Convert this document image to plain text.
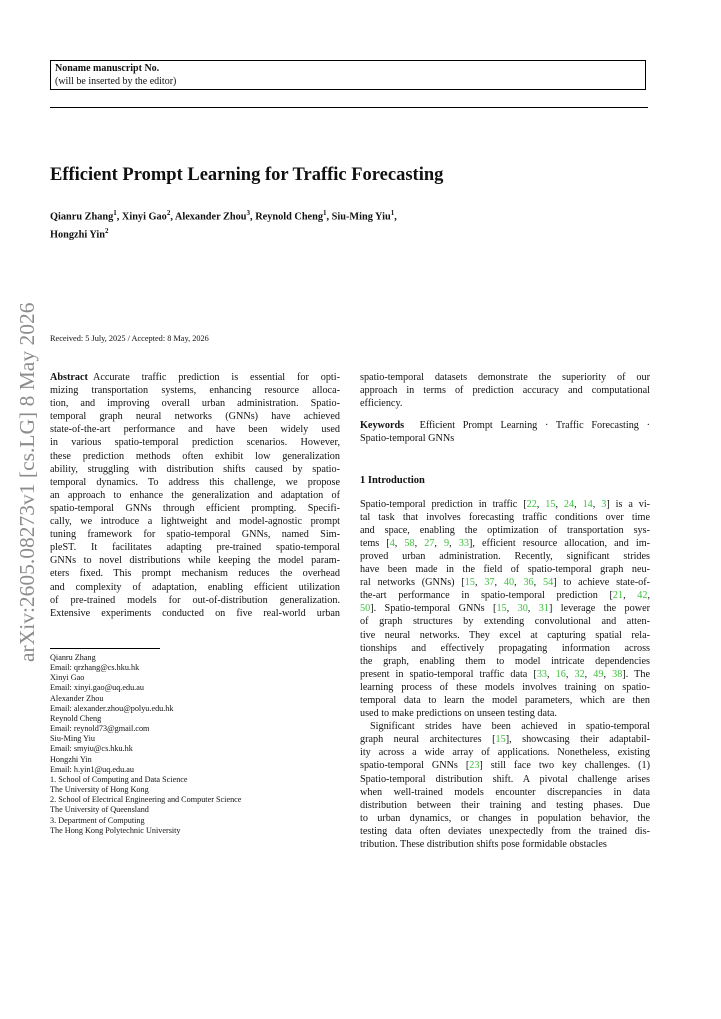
Noname manuscript No.
(will be inserted by the editor)
arXiv:2605.08273v1 [cs.LG] 8 May 2026
Efficient Prompt Learning for Traffic Forecasting
Qianru Zhang$^1$, Xinyi Gao$^2$, Alexander Zhou$^3$, Reynold Cheng$^1$, Siu-Ming Yiu$^1$,
Hongzhi Yin$^2$
Received: 5 July, 2025 / Accepted: 8 May, 2026
Abstract  Accurate traffic prediction is essential for opti-
mizing transportation systems, enhancing resource alloca-
tion, and improving overall urban administration. Spatio-
temporal graph neural networks (GNNs) have achieved
state-of-the-art performance and have been widely used
in various spatio-temporal prediction scenarios. However,
these prediction methods often exhibit low generalization
ability, struggling with distribution shifts caused by spatio-
temporal dynamics. To address this challenge, we propose
an approach to enhance the generalization and adaptation of
spatio-temporal GNNs through efficient prompting. Specifi-
cally, we introduce a lightweight and model-agnostic prompt
tuning framework for spatio-temporal GNNs, named Sim-
pleST. It facilitates adapting pre-trained spatio-temporal
GNNs to novel distributions while keeping the model param-
eters fixed. This prompt mechanism reduces the overhead
and complexity of adaptation, enabling efficient utilization
of pre-trained models for out-of-distribution generalization.
Extensive experiments conducted on five real-world urban
spatio-temporal datasets demonstrate the superiority of our
approach in terms of prediction accuracy and computational
efficiency.
Keywords Efficient Prompt Learning · Traffic Forecasting ·
Spatio-temporal GNNs
1 Introduction
Spatio-temporal prediction in traffic [22, 15, 24, 14, 3] is a vi-
tal task that involves forecasting traffic conditions over time
and space, enabling the optimization of transportation sys-
tems [4, 58, 27, 9, 33], efficient resource allocation, and im-
proved urban administration. Recently, significant strides
have been made in the field of spatio-temporal graph neu-
ral networks (GNNs) [15, 37, 40, 36, 54] to achieve state-of-
the-art performance in spatio-temporal prediction [21, 42,
50]. Spatio-temporal GNNs [15, 30, 31] leverage the power
of graph structures by extending convolutional and atten-
tive neural networks. They excel at capturing spatial rela-
tionships and effectively propagating information across
the graph, enabling them to model intricate dependencies
present in spatio-temporal traffic data [33, 16, 32, 49, 38]. The
learning process of these models involves training on spatio-
temporal data to learn the model parameters, which are then
used to make predictions on unseen testing data.
Significant strides have been achieved in spatio-temporal
graph neural architectures [15], showcasing their adaptabil-
ity across a wide array of applications. Nonetheless, existing
spatio-temporal GNNs [23] still face two key challenges. (1)
Spatio-temporal distribution shift. A pivotal challenge arises
when well-trained models encounter discrepancies in data
distribution between their training and testing phases. Due
to urban dynamics, or changes in population behavior, the
testing data often deviates unexpectedly from the trained dis-
tribution. These distribution shifts pose formidable obstacles
Qianru Zhang
Email: qrzhang@cs.hku.hk
Xinyi Gao
Email: xinyi.gao@uq.edu.au
Alexander Zhou
Email: alexander.zhou@polyu.edu.hk
Reynold Cheng
Email: reynold73@gmail.com
Siu-Ming Yiu
Email: smyiu@cs.hku.hk
Hongzhi Yin
Email: h.yin1@uq.edu.au
1. School of Computing and Data Science
The University of Hong Kong
2. School of Electrical Engineering and Computer Science
The University of Queensland
3. Department of Computing
The Hong Kong Polytechnic University
